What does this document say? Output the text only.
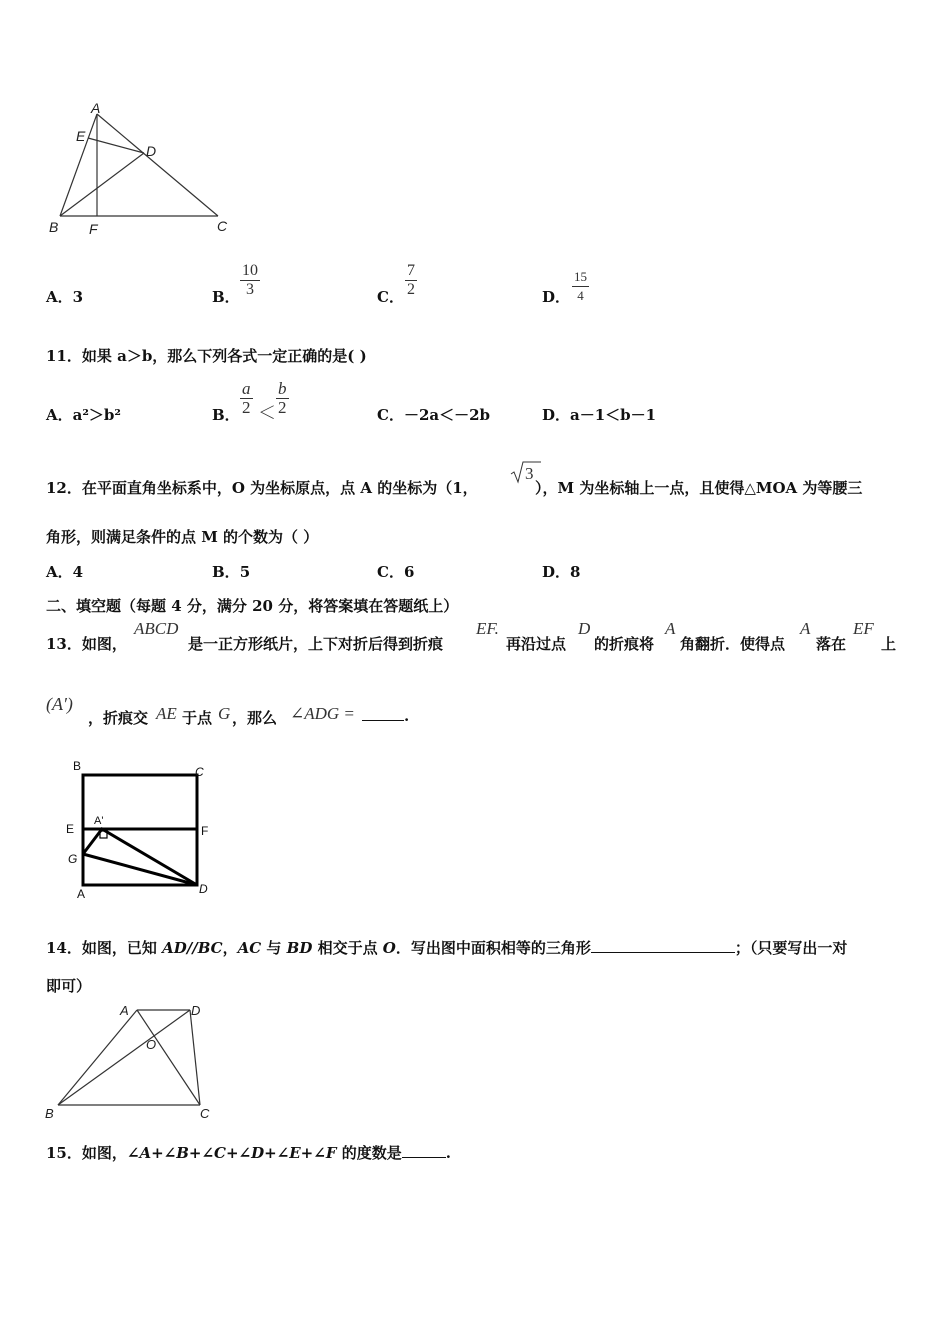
A
E
D
B F	C
A．3	B． $\frac{10}{3}$	C． $\frac{7}{2}$	D． $\frac{15}{4}$
11．如果 a＞b，那么下列各式一定正确的是( )
A．a²＞b²	B． $\frac{a}{2} < \frac{b}{2}$	C．－2a＜－2b	D．a－1＜b－1
12．在平面直角坐标系中，O 为坐标原点，点 A 的坐标为（1，
3
），M 为坐标轴上一点，且使得△MOA 为等腰三
角形，则满足条件的点 M 的个数为（ ）
A．4	B．5	C．6	D．8
二、填空题（每题 4 分，满分 20 分，将答案填在答题纸上）
13．如图，
ABCD
是一正方形纸片，上下对折后得到折痕
EF.
再沿过点
D
的折痕将
A
角翻折．使得点
A
落在
EF
上
(A′)
，折痕交 AE 于点 G ，那么 ∠ADG =	.
B	C
E	F
A'
G
A	D
14．如图，已知 AD//BC，AC 与 BD 相交于点 O．写出图中面积相等的三角形	；（只要写出一对
即可）
A	D
O
B	C
15．如图，∠A+∠B+∠C+∠D+∠E+∠F 的度数是	.
